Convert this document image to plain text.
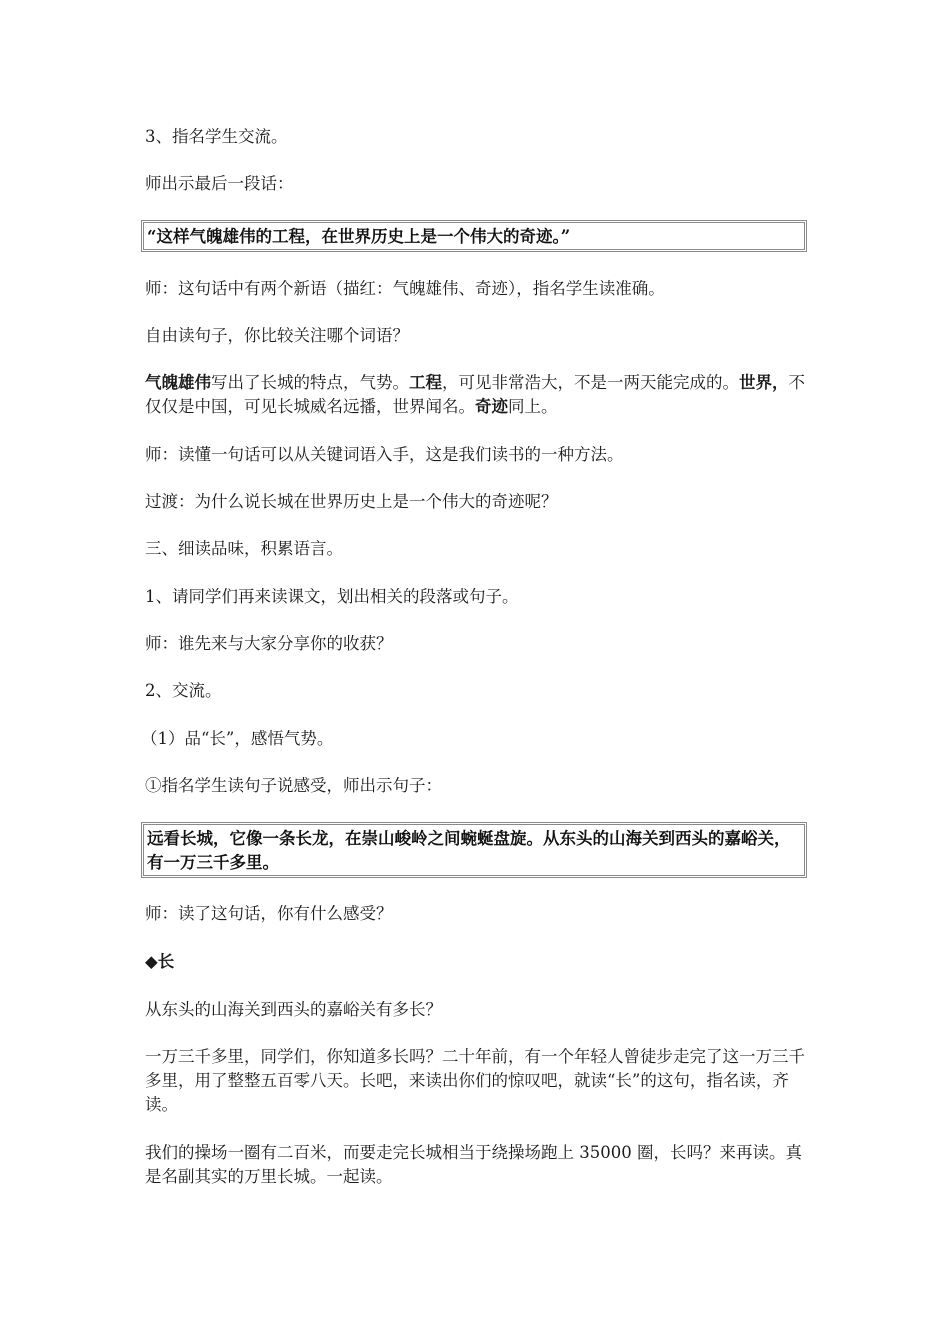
3、指名学生交流。
师出示最后一段话：
“这样气魄雄伟的工程，在世界历史上是一个伟大的奇迹。”
师：这句话中有两个新语（描红：气魄雄伟、奇迹），指名学生读准确。
自由读句子，你比较关注哪个词语？
气魄雄伟写出了长城的特点，气势。工程，可见非常浩大，不是一两天能完成的。世界，不仅仅是中国，可见长城威名远播，世界闻名。奇迹同上。
师：读懂一句话可以从关键词语入手，这是我们读书的一种方法。
过渡：为什么说长城在世界历史上是一个伟大的奇迹呢？
三、细读品味，积累语言。
1、请同学们再来读课文，划出相关的段落或句子。
师：谁先来与大家分享你的收获？
2、交流。
（1）品“长”，感悟气势。
①指名学生读句子说感受，师出示句子：
远看长城，它像一条长龙，在崇山峻岭之间蜿蜒盘旋。从东头的山海关到西头的嘉峪关，有一万三千多里。
师：读了这句话，你有什么感受？
◆长
从东头的山海关到西头的嘉峪关有多长？
一万三千多里，同学们，你知道多长吗？二十年前，有一个年轻人曾徒步走完了这一万三千多里，用了整整五百零八天。长吧，来读出你们的惊叹吧，就读“长”的这句，指名读，齐读。
我们的操场一圈有二百米，而要走完长城相当于绕操场跑上 35000 圈，长吗？来再读。真是名副其实的万里长城。一起读。
